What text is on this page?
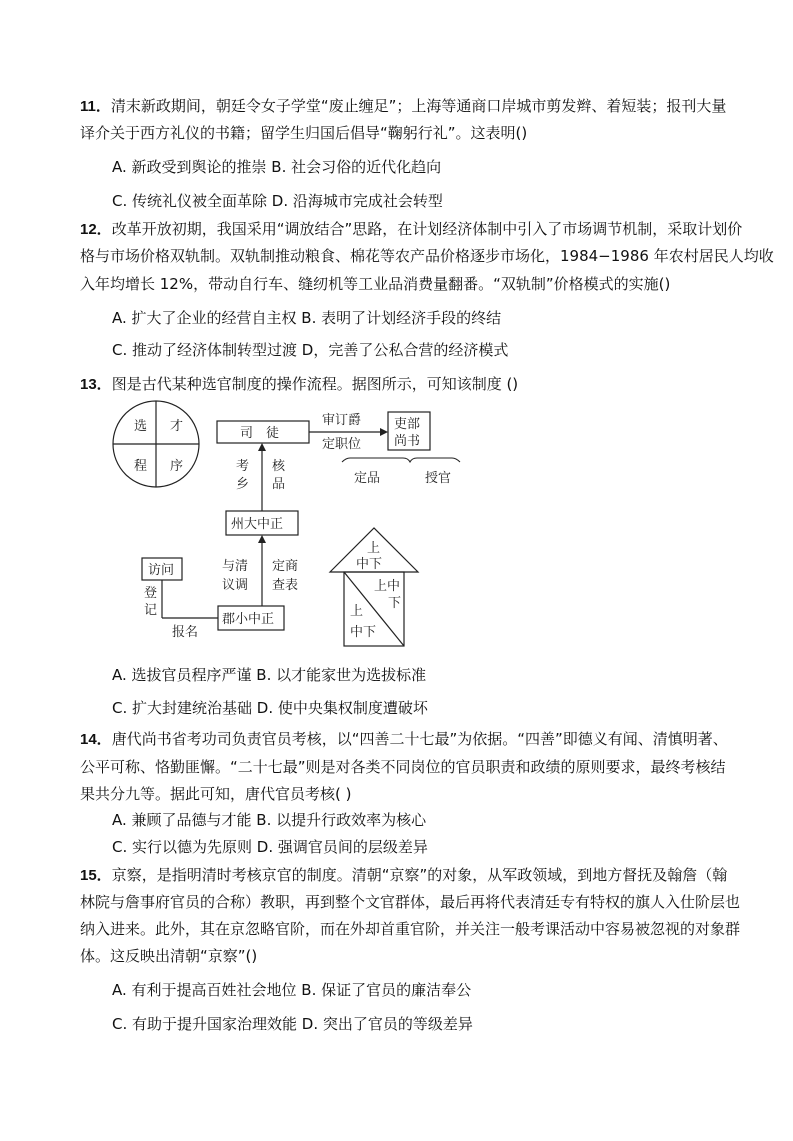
11．清末新政期间，朝廷令女子学堂“废止缠足”；上海等通商口岸城市剪发辫、着短装；报刊大量
译介关于西方礼仪的书籍；留学生归国后倡导“鞠躬行礼”。这表明()
A. 新政受到舆论的推崇 B. 社会习俗的近代化趋向
C. 传统礼仪被全面革除 D. 沿海城市完成社会转型
12．改革开放初期，我国采用“调放结合”思路，在计划经济体制中引入了市场调节机制，采取计划价
格与市场价格双轨制。双轨制推动粮食、棉花等农产品价格逐步市场化，1984−1986 年农村居民人均收
入年均增长 12%，带动自行车、缝纫机等工业品消费量翻番。“双轨制”价格模式的实施()
A. 扩大了企业的经营自主权 B. 表明了计划经济手段的终结
C. 推动了经济体制转型过渡 D，完善了公私合营的经济模式
13．图是古代某种选官制度的操作流程。据图所示，可知该制度 ()
选 才
程 序
司　徒
审订爵
定职位
吏部
尚书
定品	授官
考
乡
核
品
州大中正
与清
议调
定商
查表
访问
登
记
报名
郡小中正
上
中下
上中
下
上
中下
A. 选拔官员程序严谨 B. 以才能家世为选拔标准
C. 扩大封建统治基础 D. 使中央集权制度遭破坏
14．唐代尚书省考功司负责官员考核，以“四善二十七最”为依据。“四善”即德义有闻、清慎明著、
公平可称、恪勤匪懈。“二十七最”则是对各类不同岗位的官员职责和政绩的原则要求，最终考核结
果共分九等。据此可知，唐代官员考核( )
A. 兼顾了品德与才能 B. 以提升行政效率为核心
C. 实行以德为先原则 D. 强调官员间的层级差异
15．京察，是指明清时考核京官的制度。清朝“京察”的对象，从军政领域，到地方督抚及翰詹（翰
林院与詹事府官员的合称）教职，再到整个文官群体，最后再将代表清廷专有特权的旗人入仕阶层也
纳入进来。此外，其在京忽略官阶，而在外却首重官阶，并关注一般考课活动中容易被忽视的对象群
体。这反映出清朝“京察”()
A. 有利于提高百姓社会地位 B. 保证了官员的廉洁奉公
C. 有助于提升国家治理效能 D. 突出了官员的等级差异
